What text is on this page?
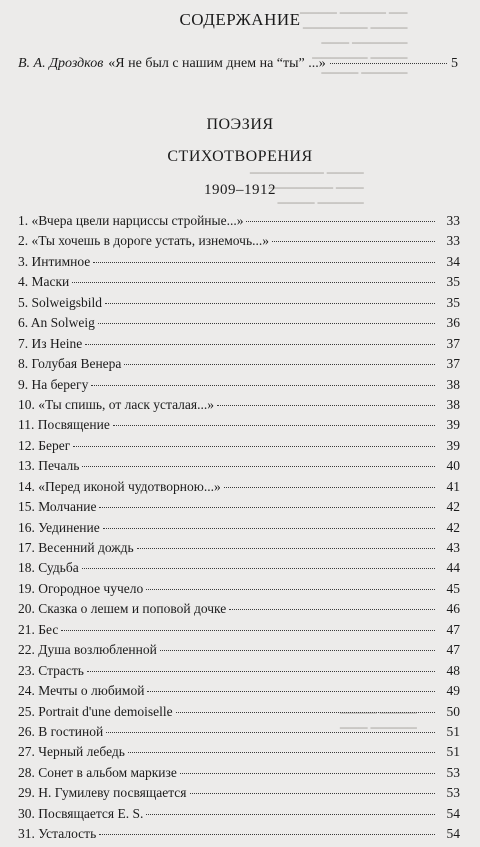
▁▁ ▁▁▁▁▁ ▁▁▁▁
▁▁▁▁ ▁▁▁▁▁▁▁
▁▁▁▁▁▁ ▁▁▁
▁▁▁▁ ▁▁▁▁▁▁
▁▁▁▁▁ ▁▁▁▁
▁▁▁▁ ▁▁▁▁▁▁▁▁
▁▁▁ ▁▁▁▁▁▁▁
▁▁▁▁▁ ▁▁▁▁
▁▁▁▁ ▁▁▁▁
▁▁▁▁▁ ▁▁▁
СОДЕРЖАНИЕ
В. А. Дроздков «Я не был с нашим днем на “ты” ...»	5
ПОЭЗИЯ
СТИХОТВОРЕНИЯ
1909–1912
1. «Вчера цвели нарциссы стройные...»	33
2. «Ты хочешь в дороге устать, изнемочь...»	33
3. Интимное	34
4. Маски	35
5. Solweigsbild	35
6. An Solweig	36
7. Из Heine	37
8. Голубая Венера	37
9. На берегу	38
10. «Ты спишь, от ласк усталая...»	38
11. Посвящение	39
12. Берег	39
13. Печаль	40
14. «Перед иконой чудотворною...»	41
15. Молчание	42
16. Уединение	42
17. Весенний дождь	43
18. Судьба	44
19. Огородное чучело	45
20. Сказка о лешем и поповой дочке	46
21. Бес	47
22. Душа возлюбленной	47
23. Страсть	48
24. Мечты о любимой	49
25. Portrait d'une demoiselle	50
26. В гостиной	51
27. Черный лебедь	51
28. Сонет в альбом маркизе	53
29. Н. Гумилеву посвящается	53
30. Посвящается E. S.	54
31. Усталость	54
